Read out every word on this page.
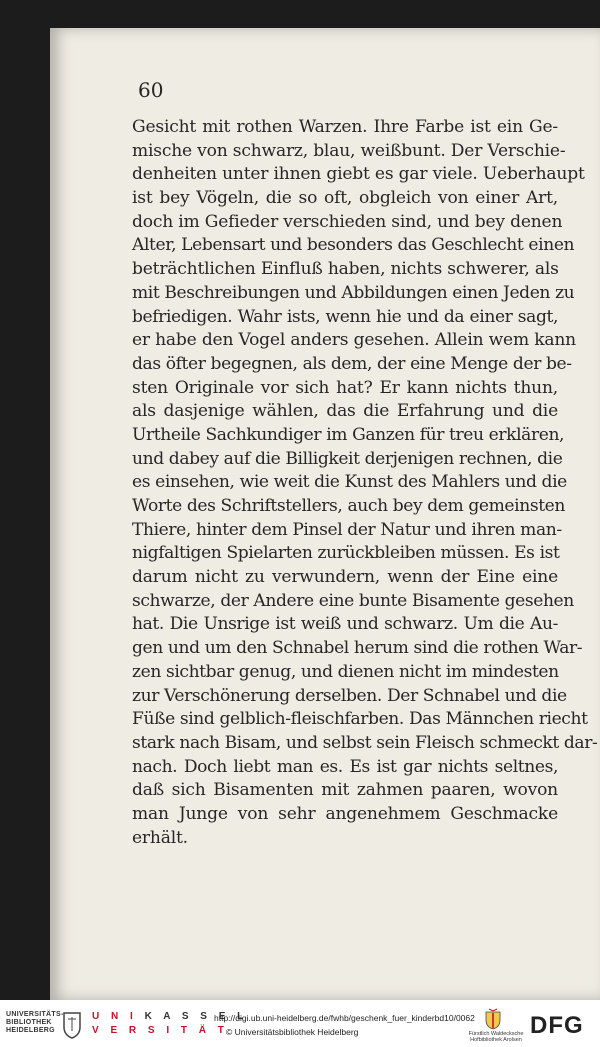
60
Gesicht mit rothen Warzen. Ihre Farbe ist ein Ge-
mische von schwarz, blau, weißbunt. Der Verschie-
denheiten unter ihnen giebt es gar viele. Ueberhaupt
ist bey Vögeln, die so oft, obgleich von einer Art,
doch im Gefieder verschieden sind, und bey denen
Alter, Lebensart und besonders das Geschlecht einen
beträchtlichen Einfluß haben, nichts schwerer, als
mit Beschreibungen und Abbildungen einen Jeden zu
befriedigen. Wahr ists, wenn hie und da einer sagt,
er habe den Vogel anders gesehen. Allein wem kann
das öfter begegnen, als dem, der eine Menge der be-
sten Originale vor sich hat? Er kann nichts thun,
als dasjenige wählen, das die Erfahrung und die
Urtheile Sachkundiger im Ganzen für treu erklären,
und dabey auf die Billigkeit derjenigen rechnen, die
es einsehen, wie weit die Kunst des Mahlers und die
Worte des Schriftstellers, auch bey dem gemeinsten
Thiere, hinter dem Pinsel der Natur und ihren man-
nigfaltigen Spielarten zurückbleiben müssen. Es ist
darum nicht zu verwundern, wenn der Eine eine
schwarze, der Andere eine bunte Bisamente gesehen
hat. Die Unsrige ist weiß und schwarz. Um die Au-
gen und um den Schnabel herum sind die rothen War-
zen sichtbar genug, und dienen nicht im mindesten
zur Verschönerung derselben. Der Schnabel und die
Füße sind gelblich-fleischfarben. Das Männchen riecht
stark nach Bisam, und selbst sein Fleisch schmeckt dar-
nach. Doch liebt man es. Es ist gar nichts seltnes,
daß sich Bisamenten mit zahmen paaren, wovon
man Junge von sehr angenehmem Geschmacke
erhält.
UNIVERSITÄTS-
BIBLIOTHEK
HEIDELBERG
U N I K A S S E L
V E R S I T Ä T
http://digi.ub.uni-heidelberg.de/fwhb/geschenk_fuer_kinderbd10/0062
© Universitätsbibliothek Heidelberg	Fürstlich Waldecksche
Hofbibliothek Arolsen
DFG
